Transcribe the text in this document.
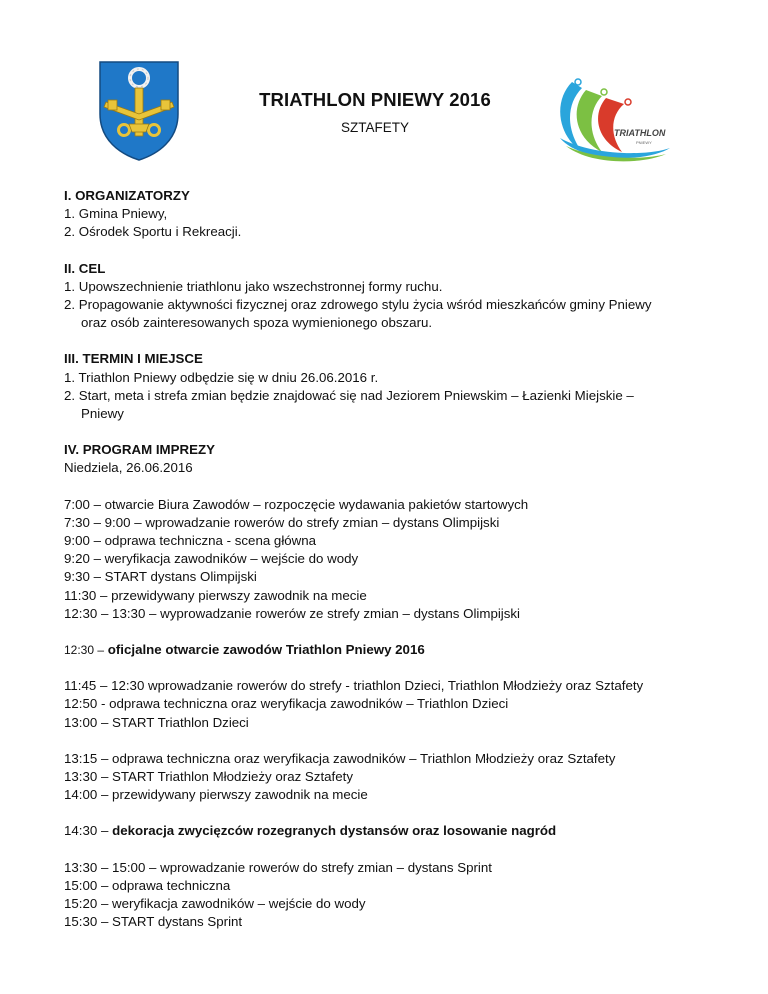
TRIATHLON
PNIEWY
TRIATHLON PNIEWY 2016
SZTAFETY
I. ORGANIZATORZY
1. Gmina Pniewy,
2. Ośrodek Sportu i Rekreacji.
II. CEL
1. Upowszechnienie triathlonu jako wszechstronnej formy ruchu.
2. Propagowanie aktywności fizycznej oraz zdrowego stylu życia wśród mieszkańców gminy Pniewy
oraz osób zainteresowanych spoza wymienionego obszaru.
III. TERMIN I MIEJSCE
1. Triathlon Pniewy odbędzie się w dniu 26.06.2016 r.
2. Start, meta i strefa zmian będzie znajdować się nad Jeziorem Pniewskim – Łazienki Miejskie –
Pniewy
IV. PROGRAM IMPREZY
Niedziela, 26.06.2016
7:00 – otwarcie Biura Zawodów – rozpoczęcie wydawania pakietów startowych
7:30 – 9:00 – wprowadzanie rowerów do strefy zmian – dystans Olimpijski
9:00 – odprawa techniczna - scena główna
9:20 – weryfikacja zawodników – wejście do wody
9:30 – START dystans Olimpijski
11:30 – przewidywany pierwszy zawodnik na mecie
12:30 – 13:30 – wyprowadzanie rowerów ze strefy zmian – dystans Olimpijski
12:30 – oficjalne otwarcie zawodów Triathlon Pniewy 2016
11:45 – 12:30 wprowadzanie rowerów do strefy - triathlon Dzieci, Triathlon Młodzieży oraz Sztafety
12:50 - odprawa techniczna oraz weryfikacja zawodników – Triathlon Dzieci
13:00 – START Triathlon Dzieci
13:15 – odprawa techniczna oraz weryfikacja zawodników – Triathlon Młodzieży oraz Sztafety
13:30 – START Triathlon Młodzieży oraz Sztafety
14:00 – przewidywany pierwszy zawodnik na mecie
14:30 – dekoracja zwycięzców rozegranych dystansów oraz losowanie nagród
13:30 – 15:00 – wprowadzanie rowerów do strefy zmian – dystans Sprint
15:00 – odprawa techniczna
15:20 – weryfikacja zawodników – wejście do wody
15:30 – START dystans Sprint
